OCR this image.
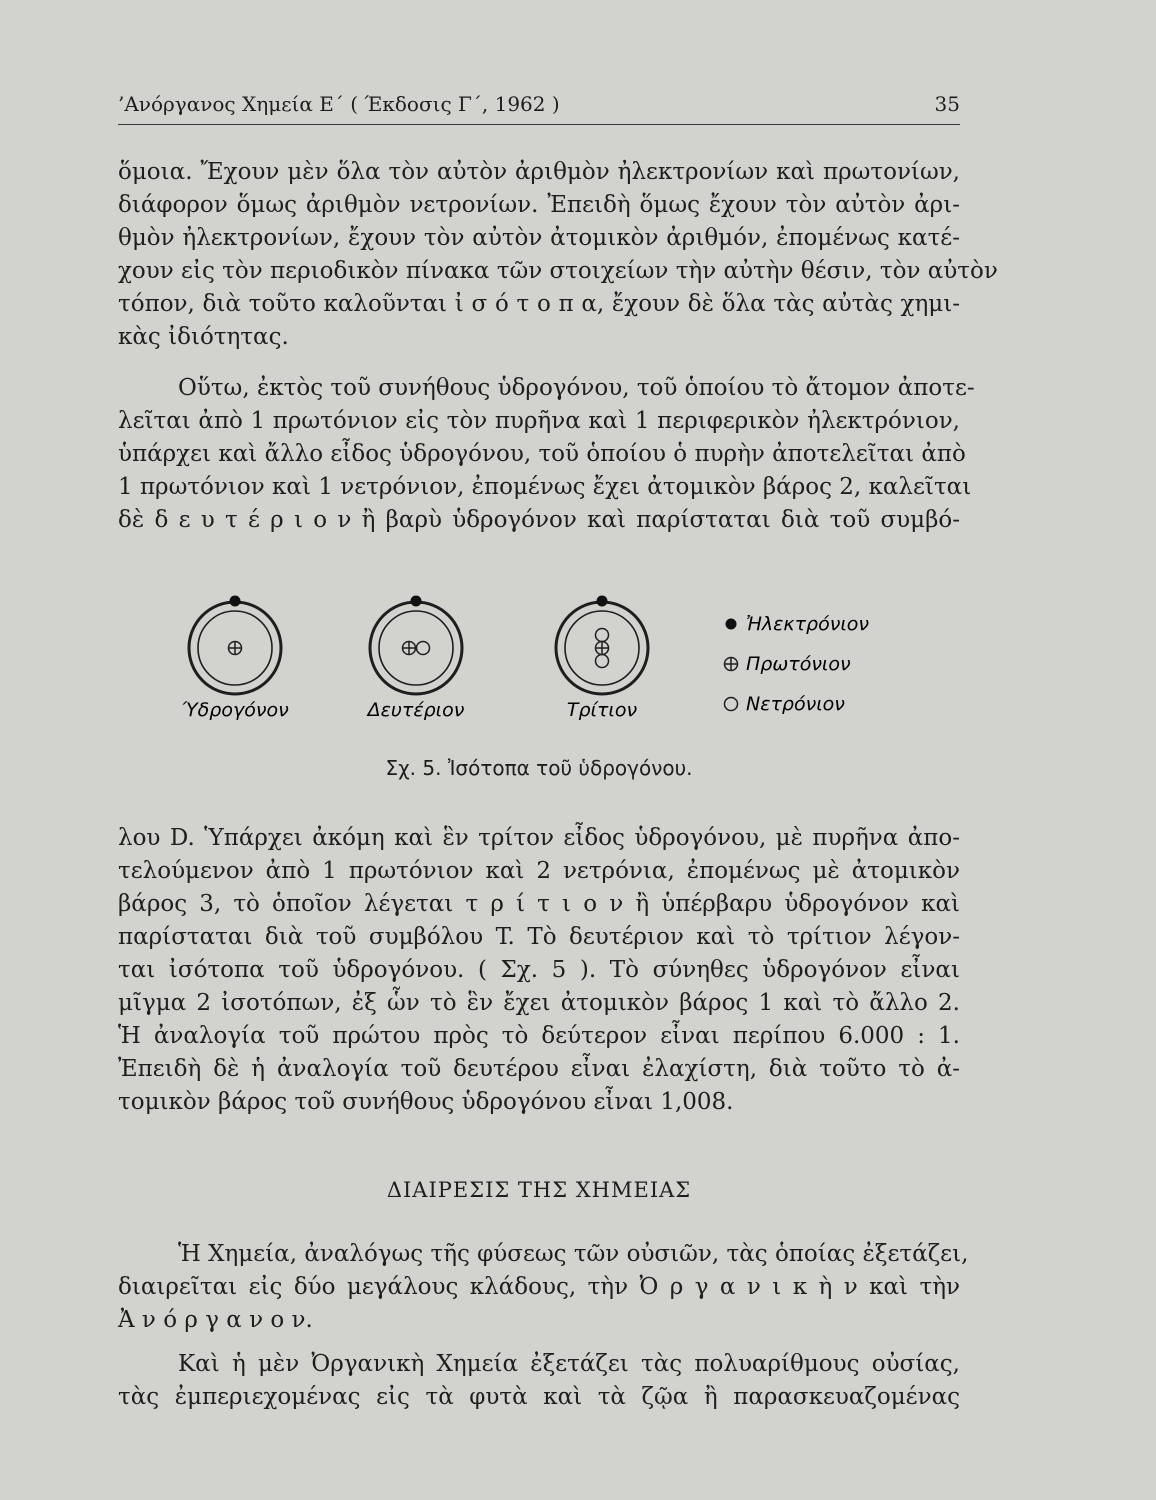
’Ανόργανος Χημεία Ε΄ ( Έκδοσις Γ΄, 1962 )	35
ὅμοια. Ἔχουν μὲν ὅλα τὸν αὐτὸν ἀριθμὸν ἠλεκτρονίων καὶ πρωτονίων,
διάφορον ὅμως ἀριθμὸν νετρονίων. Ἐπειδὴ ὅμως ἔχουν τὸν αὐτὸν ἀρι-
θμὸν ἠλεκτρονίων, ἔχουν τὸν αὐτὸν ἀτομικὸν ἀριθμόν, ἐπομένως κατέ-
χουν εἰς τὸν περιοδικὸν πίνακα τῶν στοιχείων τὴν αὐτὴν θέσιν, τὸν αὐτὸν
τόπον, διὰ τοῦτο καλοῦνται ἰ σ ό τ ο π α, ἔχουν δὲ ὅλα τὰς αὐτὰς χημι-
κὰς ἰδιότητας.
Οὕτω, ἐκτὸς τοῦ συνήθους ὑδρογόνου, τοῦ ὁποίου τὸ ἄτομον ἀποτε-
λεῖται ἀπὸ 1 πρωτόνιον εἰς τὸν πυρῆνα καὶ 1 περιφερικὸν ἠλεκτρόνιον,
ὑπάρχει καὶ ἄλλο εἶδος ὑδρογόνου, τοῦ ὁποίου ὁ πυρὴν ἀποτελεῖται ἀπὸ
1 πρωτόνιον καὶ 1 νετρόνιον, ἐπομένως ἔχει ἀτομικὸν βάρος 2, καλεῖται
δὲ δ ε υ τ έ ρ ι ο ν ἢ βαρὺ ὑδρογόνον καὶ παρίσταται διὰ τοῦ συμβό-
Ύδρογόνον	Δευτέριον	Τρίτιον
Ἠλεκτρόνιον
Πρωτόνιον
Νετρόνιον
Σχ. 5. Ἰσότοπα τοῦ ὑδρογόνου.
λου D. Ὑπάρχει ἀκόμη καὶ ἓν τρίτον εἶδος ὑδρογόνου, μὲ πυρῆνα ἀπο-
τελούμενον ἀπὸ 1 πρωτόνιον καὶ 2 νετρόνια, ἐπομένως μὲ ἀτομικὸν
βάρος 3, τὸ ὁποῖον λέγεται τ ρ ί τ ι ο ν ἢ ὑπέρβαρυ ὑδρογόνον καὶ
παρίσταται διὰ τοῦ συμβόλου T. Τὸ δευτέριον καὶ τὸ τρίτιον λέγον-
ται ἰσότοπα τοῦ ὑδρογόνου. ( Σχ. 5 ). Τὸ σύνηθες ὑδρογόνον εἶναι
μῖγμα 2 ἰσοτόπων, ἐξ ὧν τὸ ἓν ἔχει ἀτομικὸν βάρος 1 καὶ τὸ ἄλλο 2.
Ἡ ἀναλογία τοῦ πρώτου πρὸς τὸ δεύτερον εἶναι περίπου 6.000 : 1.
Ἐπειδὴ δὲ ἡ ἀναλογία τοῦ δευτέρου εἶναι ἐλαχίστη, διὰ τοῦτο τὸ ἀ-
τομικὸν βάρος τοῦ συνήθους ὑδρογόνου εἶναι 1,008.
ΔΙΑΙΡΕΣΙΣ ΤΗΣ ΧΗΜΕΙΑΣ
Ἡ Χημεία, ἀναλόγως τῆς φύσεως τῶν οὐσιῶν, τὰς ὁποίας ἐξετάζει,
διαιρεῖται εἰς δύο μεγάλους κλάδους, τὴν Ὀ ρ γ α ν ι κ ὴ ν καὶ τὴν
Ἀ ν ό ρ γ α ν ο ν.
Καὶ ἡ μὲν Ὀργανικὴ Χημεία ἐξετάζει τὰς πολυαρίθμους οὐσίας,
τὰς ἐμπεριεχομένας εἰς τὰ φυτὰ καὶ τὰ ζῷα ἢ παρασκευαζομένας
